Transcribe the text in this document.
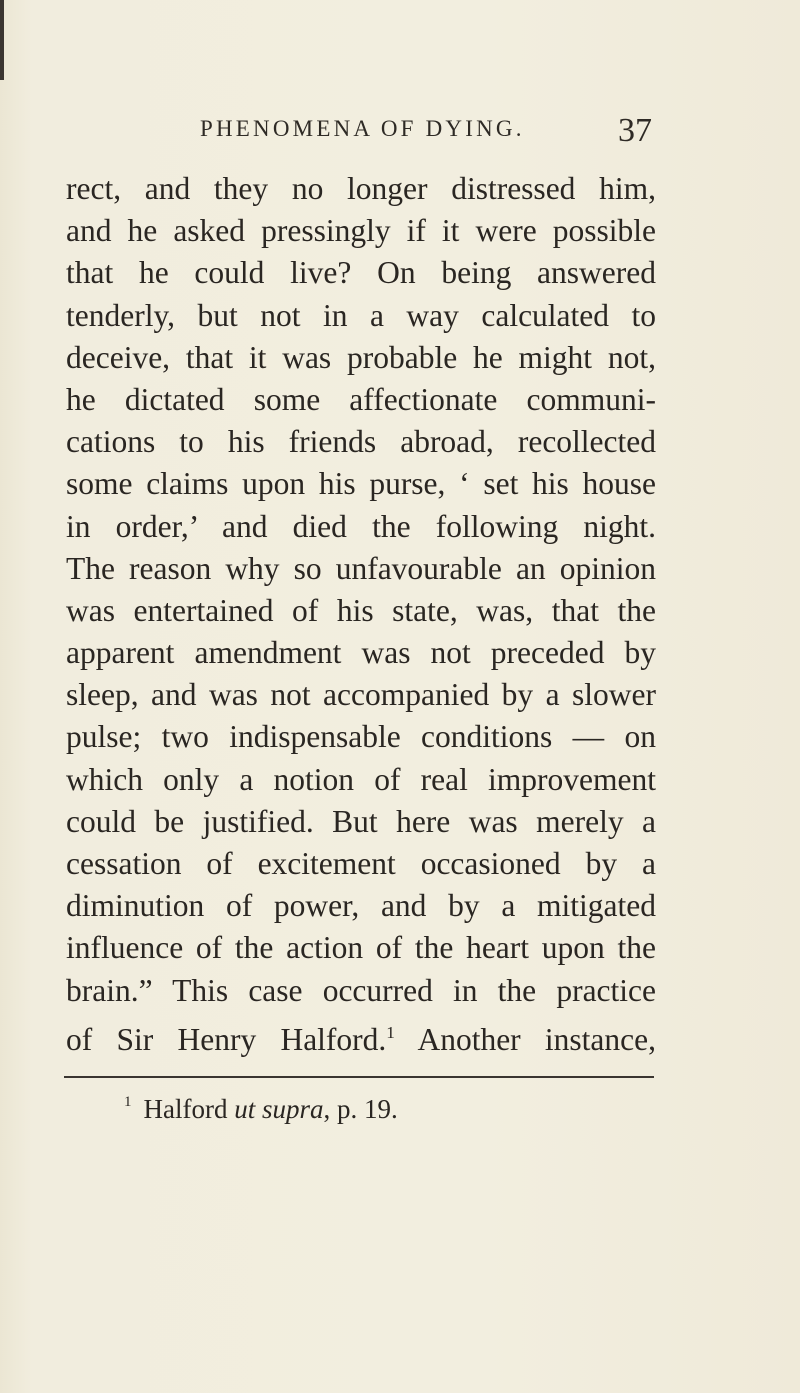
PHENOMENA OF DYING.	37
rect, and they no longer distressed him,
and he asked pressingly if it were possible
that he could live? On being answered
tenderly, but not in a way calculated to
deceive, that it was probable he might not,
he dictated some affectionate communi-
cations to his friends abroad, recollected
some claims upon his purse, ‘ set his house
in order,’ and died the following night.
The reason why so unfavourable an opinion
was entertained of his state, was, that the
apparent amendment was not preceded by
sleep, and was not accompanied by a slower
pulse; two indispensable conditions — on
which only a notion of real improvement
could be justified. But here was merely a
cessation of excitement occasioned by a
diminution of power, and by a mitigated
influence of the action of the heart upon the
brain.” This case occurred in the practice
of Sir Henry Halford.$^1$ Another instance,
$^1$ Halford ut supra, p. 19.
